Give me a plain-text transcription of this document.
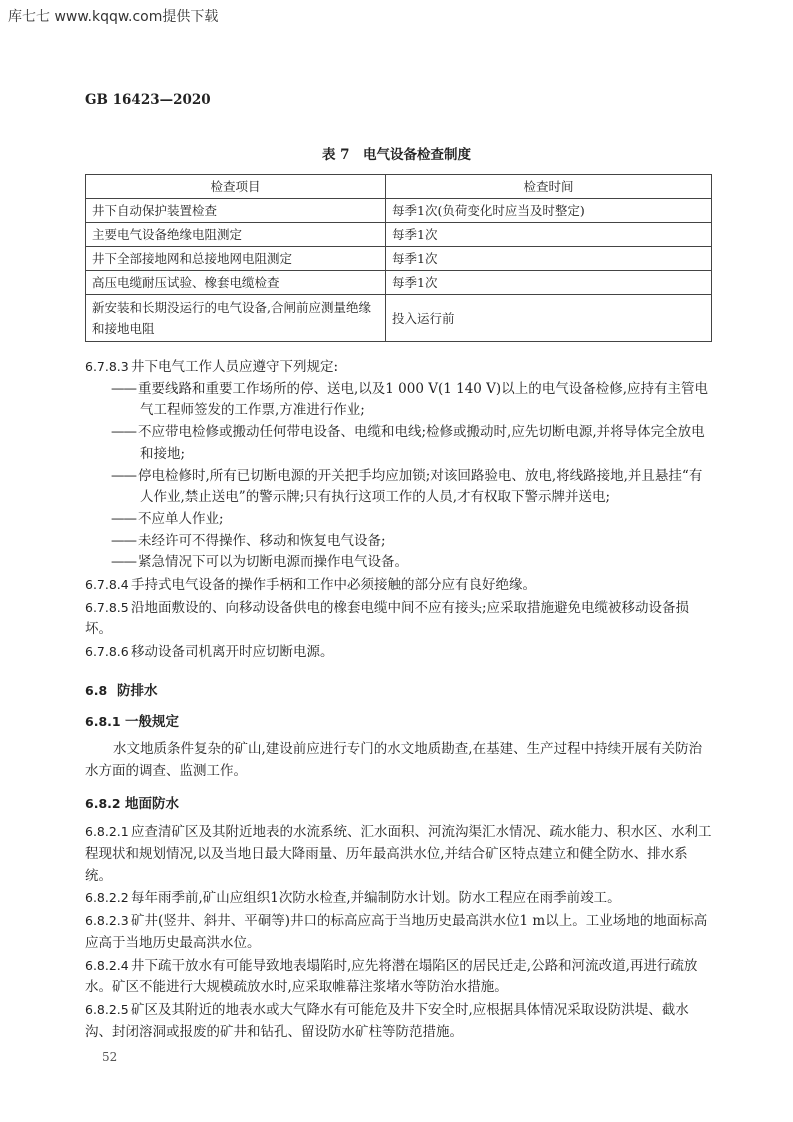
库七七 www.kqqw.com提供下载
GB 16423—2020
表 7　电气设备检查制度
检查项目	检查时间
井下自动保护装置检查	每季1次(负荷变化时应当及时整定)
主要电气设备绝缘电阻测定	每季1次
井下全部接地网和总接地网电阻测定	每季1次
高压电缆耐压试验、橡套电缆检查	每季1次
新安装和长期没运行的电气设备,合闸前应测量绝缘和接地电阻	投入运行前

6.7.8.3 井下电气工作人员应遵守下列规定:

—— 重要线路和重要工作场所的停、送电,以及1 000 V(1 140 V)以上的电气设备检修,应持有主管电气工程师签发的工作票,方准进行作业;

—— 不应带电检修或搬动任何带电设备、电缆和电线;检修或搬动时,应先切断电源,并将导体完全放电和接地;

—— 停电检修时,所有已切断电源的开关把手均应加锁;对该回路验电、放电,将线路接地,并且悬挂“有人作业,禁止送电”的警示牌;只有执行这项工作的人员,才有权取下警示牌并送电;

—— 不应单人作业;

—— 未经许可不得操作、移动和恢复电气设备;

—— 紧急情况下可以为切断电源而操作电气设备。

6.7.8.4 手持式电气设备的操作手柄和工作中必须接触的部分应有良好绝缘。

6.7.8.5 沿地面敷设的、向移动设备供电的橡套电缆中间不应有接头;应采取措施避免电缆被移动设备损坏。

6.7.8.6 移动设备司机离开时应切断电源。

6.8 防排水

6.8.1 一般规定

水文地质条件复杂的矿山,建设前应进行专门的水文地质勘查,在基建、生产过程中持续开展有关防治水方面的调查、监测工作。

6.8.2 地面防水

6.8.2.1 应查清矿区及其附近地表的水流系统、汇水面积、河流沟渠汇水情况、疏水能力、积水区、水利工程现状和规划情况,以及当地日最大降雨量、历年最高洪水位,并结合矿区特点建立和健全防水、排水系统。

6.8.2.2 每年雨季前,矿山应组织1次防水检查,并编制防水计划。防水工程应在雨季前竣工。

6.8.2.3 矿井(竖井、斜井、平硐等)井口的标高应高于当地历史最高洪水位1 m以上。工业场地的地面标高应高于当地历史最高洪水位。

6.8.2.4 井下疏干放水有可能导致地表塌陷时,应先将潜在塌陷区的居民迁走,公路和河流改道,再进行疏放水。矿区不能进行大规模疏放水时,应采取帷幕注浆堵水等防治水措施。

6.8.2.5 矿区及其附近的地表水或大气降水有可能危及井下安全时,应根据具体情况采取设防洪堤、截水沟、封闭溶洞或报废的矿井和钻孔、留设防水矿柱等防范措施。

52
